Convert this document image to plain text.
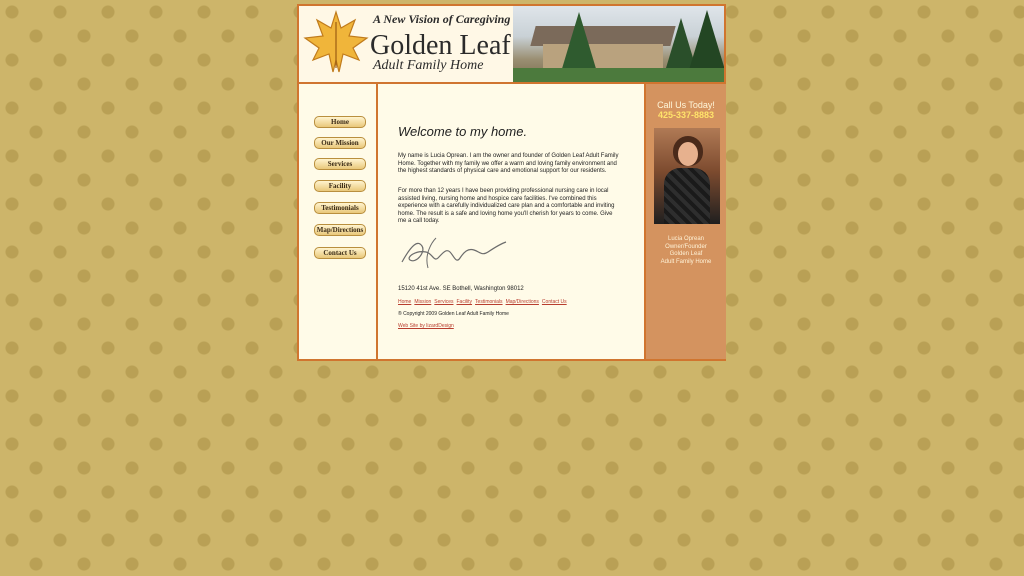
A New Vision of Caregiving
Golden Leaf
Adult Family Home
Home
Our Mission
Services
Facility
Testimonials
Map/Directions
Contact Us
Welcome to my home.
My name is Lucia Oprean. I am the owner and founder of Golden Leaf Adult Family Home. Together with my family we offer a warm and loving family environment and the highest standards of physical care and emotional support for our residents.
For more than 12 years I have been providing professional nursing care in local assisted living, nursing home and hospice care facilities. I've combined this experience with a carefully individualized care plan and a comfortable and inviting home. The result is a safe and loving home you'll cherish for years to come. Give me a call today.
15120 41st Ave. SE Bothell, Washington 98012
Home Mission Services Facility Testimonials Map/Directions Contact Us
® Copyright 2009 Golden Leaf Adult Family Home
Web Site by lizardDesign
Call Us Today!
425-337-8883
Lucia Oprean
Owner/Founder
Golden Leaf
Adult Family Home
